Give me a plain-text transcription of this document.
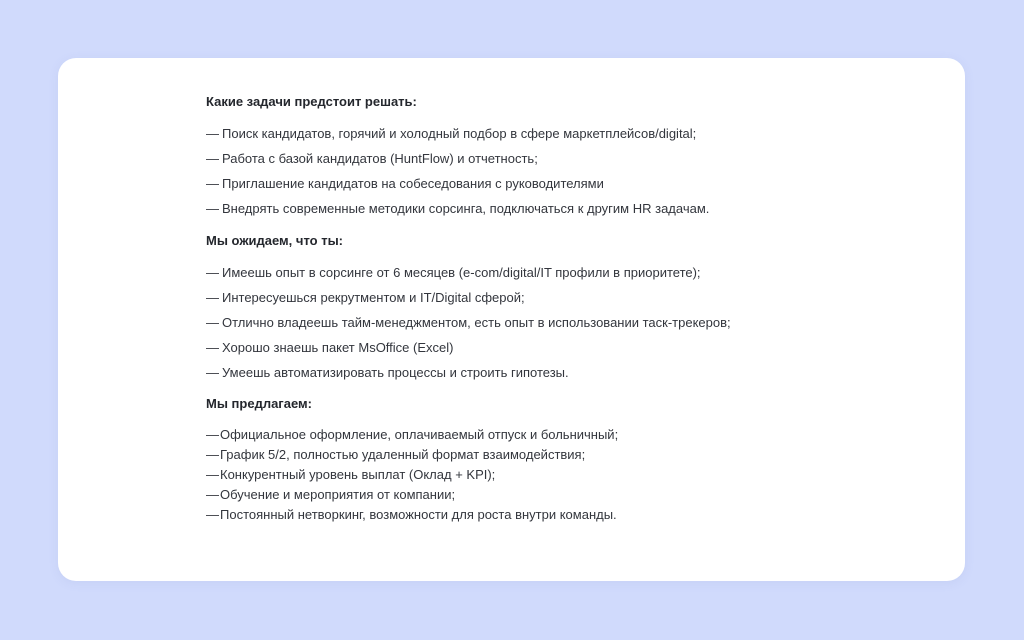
Какие задачи предстоит решать:
— Поиск кандидатов, горячий и холодный подбор в сфере маркетплейсов/digital;
— Работа с базой кандидатов (HuntFlow) и отчетность;
— Приглашение кандидатов на собеседования с руководителями
— Внедрять современные методики сорсинга, подключаться к другим HR задачам.
Мы ожидаем, что ты:
— Имеешь опыт в сорсинге от 6 месяцев (e-com/digital/IT профили в приоритете);
— Интересуешься рекрутментом и IT/Digital сферой;
— Отлично владеешь тайм-менеджментом, есть опыт в использовании таск-трекеров;
— Хорошо знаешь пакет MsOffice (Excel)
— Умеешь автоматизировать процессы и строить гипотезы.
Мы предлагаем:
— Официальное оформление, оплачиваемый отпуск и больничный;
— График 5/2, полностью удаленный формат взаимодействия;
— Конкурентный уровень выплат (Оклад + KPI);
— Обучение и мероприятия от компании;
— Постоянный нетворкинг, возможности для роста внутри команды.
